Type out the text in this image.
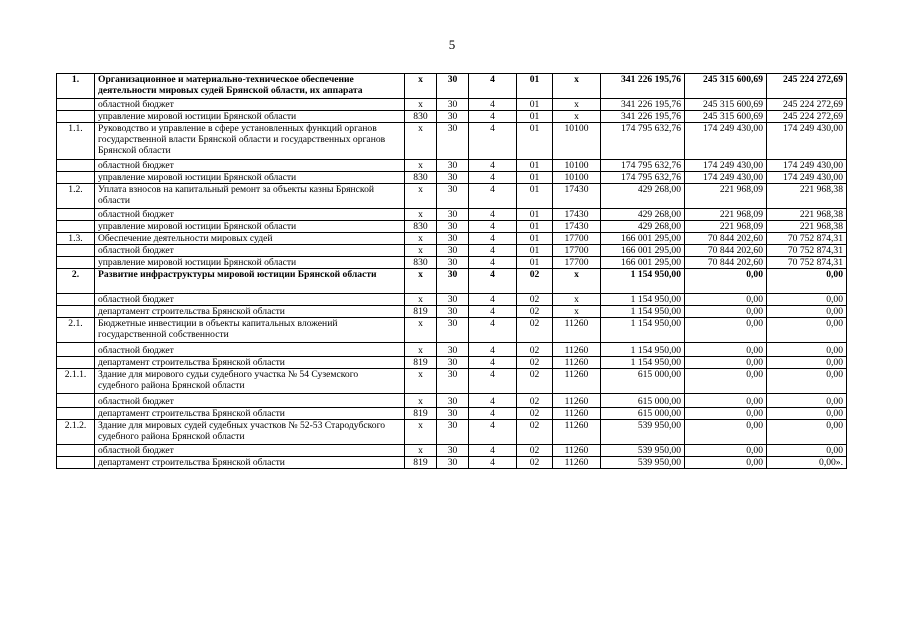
5
1.	Организационное и материально-техническое обеспечение деятельности мировых судей Брянской области, их аппарата	х	30	4	01	х	341 226 195,76	245 315 600,69	245 224 272,69
	областной бюджет	х	30	4	01	х	341 226 195,76	245 315 600,69	245 224 272,69
	управление мировой юстиции Брянской области	830	30	4	01	х	341 226 195,76	245 315 600,69	245 224 272,69
1.1.	Руководство и управление в сфере установленных функций органов государственной власти Брянской области и государственных органов Брянской области	х	30	4	01	10100	174 795 632,76	174 249 430,00	174 249 430,00
	областной бюджет	х	30	4	01	10100	174 795 632,76	174 249 430,00	174 249 430,00
	управление мировой юстиции Брянской области	830	30	4	01	10100	174 795 632,76	174 249 430,00	174 249 430,00
1.2.	Уплата взносов на капитальный ремонт за объекты казны Брянской области	х	30	4	01	17430	429 268,00	221 968,09	221 968,38
	областной бюджет	х	30	4	01	17430	429 268,00	221 968,09	221 968,38
	управление мировой юстиции Брянской области	830	30	4	01	17430	429 268,00	221 968,09	221 968,38
1.3.	Обеспечение деятельности мировых судей	х	30	4	01	17700	166 001 295,00	70 844 202,60	70 752 874,31
	областной бюджет	х	30	4	01	17700	166 001 295,00	70 844 202,60	70 752 874,31
	управление мировой юстиции Брянской области	830	30	4	01	17700	166 001 295,00	70 844 202,60	70 752 874,31
2.	Развитие инфраструктуры мировой юстиции Брянской области	х	30	4	02	х	1 154 950,00	0,00	0,00
	областной бюджет	х	30	4	02	х	1 154 950,00	0,00	0,00
	департамент строительства Брянской области	819	30	4	02	х	1 154 950,00	0,00	0,00
2.1.	Бюджетные инвестиции в объекты капитальных вложений государственной собственности	х	30	4	02	11260	1 154 950,00	0,00	0,00
	областной бюджет	х	30	4	02	11260	1 154 950,00	0,00	0,00
	департамент строительства Брянской области	819	30	4	02	11260	1 154 950,00	0,00	0,00
2.1.1.	Здание для мирового судьи судебного участка № 54 Суземского судебного района Брянской области	х	30	4	02	11260	615 000,00	0,00	0,00
	областной бюджет	х	30	4	02	11260	615 000,00	0,00	0,00
	департамент строительства Брянской области	819	30	4	02	11260	615 000,00	0,00	0,00
2.1.2.	Здание для мировых судей судебных участков № 52-53 Стародубского судебного района Брянской области	х	30	4	02	11260	539 950,00	0,00	0,00
	областной бюджет	х	30	4	02	11260	539 950,00	0,00	0,00
	департамент строительства Брянской области	819	30	4	02	11260	539 950,00	0,00	0,00».
